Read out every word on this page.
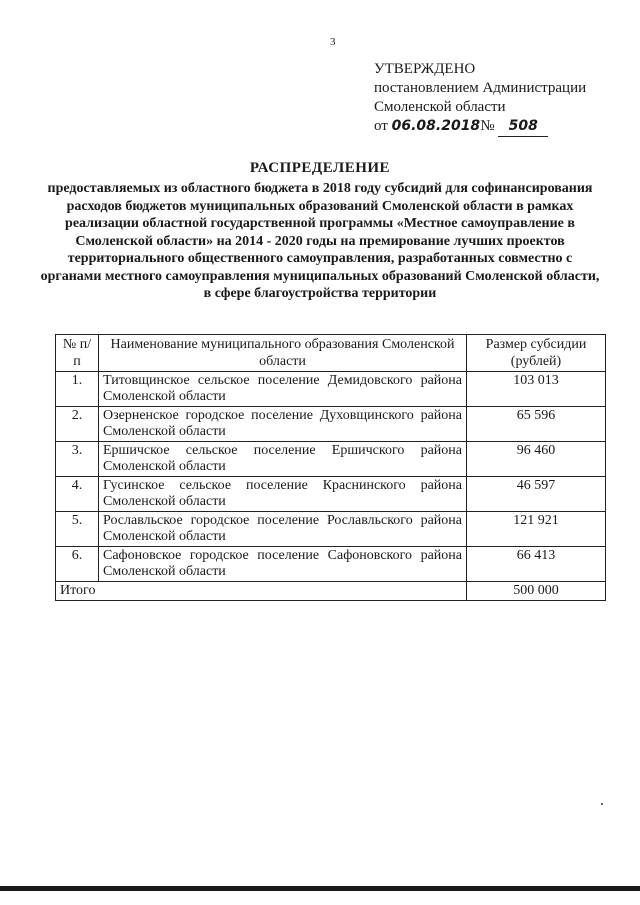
3
УТВЕРЖДЕНО
постановлением Администрации
Смоленской области
от 06.08.2018№ 508
РАСПРЕДЕЛЕНИЕ
предоставляемых из областного бюджета в 2018 году субсидий для софинансирования расходов бюджетов муниципальных образований Смоленской области в рамках реализации областной государственной программы «Местное самоуправление в Смоленской области» на 2014 - 2020 годы на премирование лучших проектов территориального общественного самоуправления, разработанных совместно с органами местного самоуправления муниципальных образований Смоленской области, в сфере благоустройства территории
№ п/п	Наименование муниципального образования Смоленской области	Размер субсидии (рублей)
1.	Титовщинское сельское поселение Демидовского района Смоленской области	103 013
2.	Озерненское городское поселение Духовщинского района Смоленской области	65 596
3.	Ершичское сельское поселение Ершичского района Смоленской области	96 460
4.	Гусинское сельское поселение Краснинского района Смоленской области	46 597
5.	Рославльское городское поселение Рославльского района Смоленской области	121 921
6.	Сафоновское городское поселение Сафоновского района Смоленской области	66 413
Итого		500 000
